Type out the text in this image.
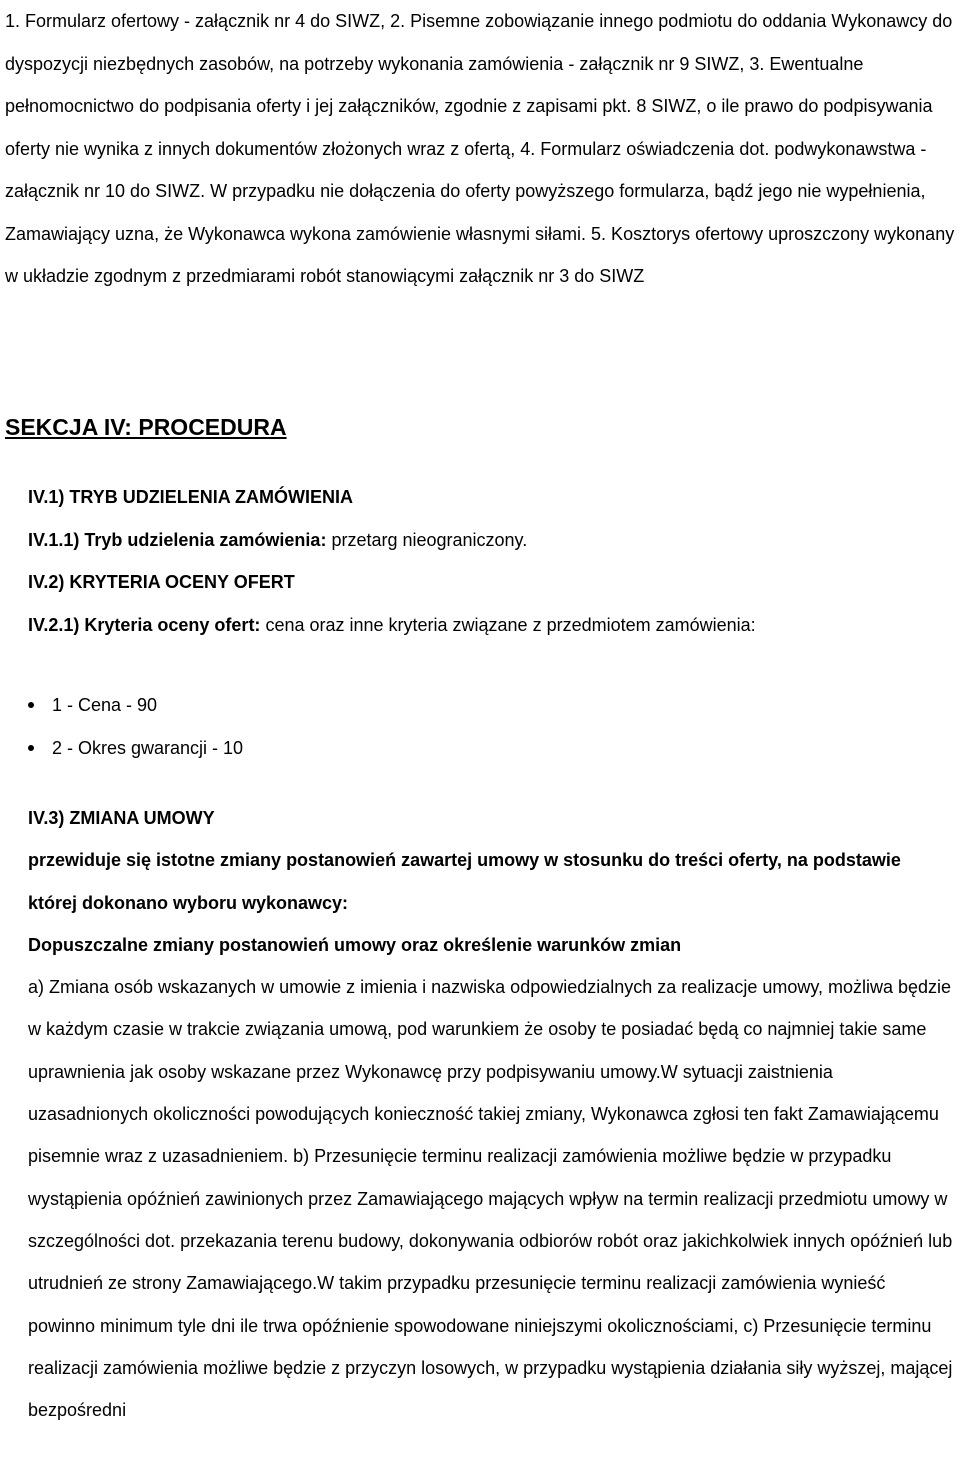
1. Formularz ofertowy - załącznik nr 4 do SIWZ, 2. Pisemne zobowiązanie innego podmiotu do oddania Wykonawcy do dyspozycji niezbędnych zasobów, na potrzeby wykonania zamówienia - załącznik nr 9 SIWZ, 3. Ewentualne pełnomocnictwo do podpisania oferty i jej załączników, zgodnie z zapisami pkt. 8 SIWZ, o ile prawo do podpisywania oferty nie wynika z innych dokumentów złożonych wraz z ofertą, 4. Formularz oświadczenia dot. podwykonawstwa - załącznik nr 10 do SIWZ. W przypadku nie dołączenia do oferty powyższego formularza, bądź jego nie wypełnienia, Zamawiający uzna, że Wykonawca wykona zamówienie własnymi siłami. 5. Kosztorys ofertowy uproszczony wykonany w układzie zgodnym z przedmiarami robót stanowiącymi załącznik nr 3 do SIWZ

SEKCJA IV: PROCEDURA

IV.1) TRYB UDZIELENIA ZAMÓWIENIA

IV.1.1) Tryb udzielenia zamówienia: przetarg nieograniczony.

IV.2) KRYTERIA OCENY OFERT

IV.2.1) Kryteria oceny ofert: cena oraz inne kryteria związane z przedmiotem zamówienia:

1 - Cena - 90
2 - Okres gwarancji - 10

IV.3) ZMIANA UMOWY

przewiduje się istotne zmiany postanowień zawartej umowy w stosunku do treści oferty, na podstawie której dokonano wyboru wykonawcy:

Dopuszczalne zmiany postanowień umowy oraz określenie warunków zmian

a) Zmiana osób wskazanych w umowie z imienia i nazwiska odpowiedzialnych za realizacje umowy, możliwa będzie w każdym czasie w trakcie związania umową, pod warunkiem że osoby te posiadać będą co najmniej takie same uprawnienia jak osoby wskazane przez Wykonawcę przy podpisywaniu umowy.W sytuacji zaistnienia uzasadnionych okoliczności powodujących konieczność takiej zmiany, Wykonawca zgłosi ten fakt Zamawiającemu pisemnie wraz z uzasadnieniem. b) Przesunięcie terminu realizacji zamówienia możliwe będzie w przypadku wystąpienia opóźnień zawinionych przez Zamawiającego mających wpływ na termin realizacji przedmiotu umowy w szczególności dot. przekazania terenu budowy, dokonywania odbiorów robót oraz jakichkolwiek innych opóźnień lub utrudnień ze strony Zamawiającego.W takim przypadku przesunięcie terminu realizacji zamówienia wynieść powinno minimum tyle dni ile trwa opóźnienie spowodowane niniejszymi okolicznościami, c) Przesunięcie terminu realizacji zamówienia możliwe będzie z przyczyn losowych, w przypadku wystąpienia działania siły wyższej, mającej bezpośredni
